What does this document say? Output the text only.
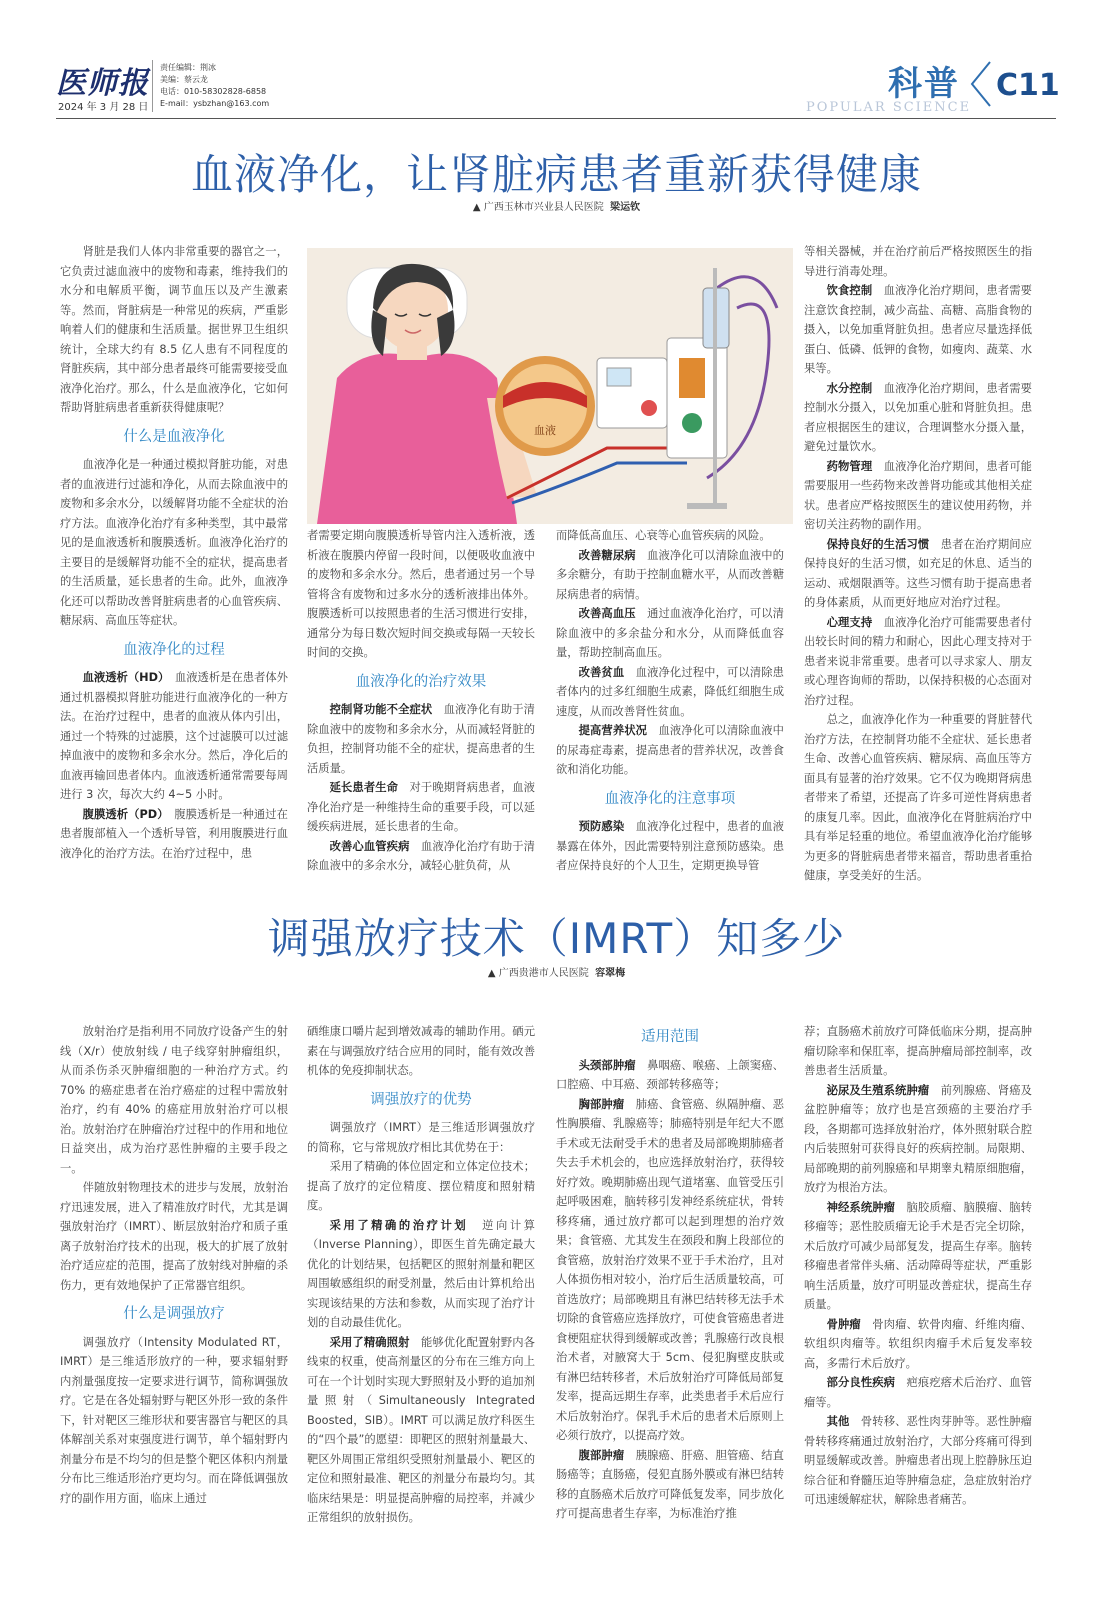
医师报
2024 年 3 月 28 日
责任编辑：荆冰
美编：蔡云龙
电话：010-58302828-6858
E-mail：ysbzhan@163.com	科普
POPULAR SCIENCE
C11
血液净化，让肾脏病患者重新获得健康
▲ 广西玉林市兴业县人民医院 梁运钦

肾脏是我们人体内非常重要的器官之一，它负责过滤血液中的废物和毒素，维持我们的水分和电解质平衡，调节血压以及产生激素等。然而，肾脏病是一种常见的疾病，严重影响着人们的健康和生活质量。据世界卫生组织统计，全球大约有 8.5 亿人患有不同程度的肾脏疾病，其中部分患者最终可能需要接受血液净化治疗。那么，什么是血液净化，它如何帮助肾脏病患者重新获得健康呢？

什么是血液净化

血液净化是一种通过模拟肾脏功能，对患者的血液进行过滤和净化，从而去除血液中的废物和多余水分，以缓解肾功能不全症状的治疗方法。血液净化治疗有多种类型，其中最常见的是血液透析和腹膜透析。血液净化治疗的主要目的是缓解肾功能不全的症状，提高患者的生活质量，延长患者的生命。此外，血液净化还可以帮助改善肾脏病患者的心血管疾病、糖尿病、高血压等症状。

血液净化的过程

血液透析（HD）　 血液透析是在患者体外通过机器模拟肾脏功能进行血液净化的一种方法。在治疗过程中，患者的血液从体内引出，通过一个特殊的过滤膜，这个过滤膜可以过滤掉血液中的废物和多余水分。然后，净化后的血液再输回患者体内。血液透析通常需要每周进行 3 次，每次大约 4~5 小时。

腹膜透析（PD）　 腹膜透析是一种通过在患者腹部植入一个透析导管，利用腹膜进行血液净化的治疗方法。在治疗过程中，患

血液

者需要定期向腹膜透析导管内注入透析液，透析液在腹膜内停留一段时间，以便吸收血液中的废物和多余水分。然后，患者通过另一个导管将含有废物和过多水分的透析液排出体外。腹膜透析可以按照患者的生活习惯进行安排，通常分为每日数次短时间交换或每隔一天较长时间的交换。

血液净化的治疗效果

控制肾功能不全症状　 血液净化有助于清除血液中的废物和多余水分，从而减轻肾脏的负担，控制肾功能不全的症状，提高患者的生活质量。

延长患者生命　 对于晚期肾病患者，血液净化治疗是一种维持生命的重要手段，可以延缓疾病进展，延长患者的生命。

改善心血管疾病　 血液净化治疗有助于清除血液中的多余水分，减轻心脏负荷，从

而降低高血压、心衰等心血管疾病的风险。

改善糖尿病　 血液净化可以清除血液中的多余糖分，有助于控制血糖水平，从而改善糖尿病患者的病情。

改善高血压　 通过血液净化治疗，可以清除血液中的多余盐分和水分，从而降低血容量，帮助控制高血压。

改善贫血　 血液净化过程中，可以清除患者体内的过多红细胞生成素，降低红细胞生成速度，从而改善肾性贫血。

提高营养状况　 血液净化可以清除血液中的尿毒症毒素，提高患者的营养状况，改善食欲和消化功能。

血液净化的注意事项

预防感染　 血液净化过程中，患者的血液暴露在体外，因此需要特别注意预防感染。患者应保持良好的个人卫生，定期更换导管

等相关器械，并在治疗前后严格按照医生的指导进行消毒处理。

饮食控制　 血液净化治疗期间，患者需要注意饮食控制，减少高盐、高糖、高脂食物的摄入，以免加重肾脏负担。患者应尽量选择低蛋白、低磷、低钾的食物，如瘦肉、蔬菜、水果等。

水分控制　 血液净化治疗期间，患者需要控制水分摄入，以免加重心脏和肾脏负担。患者应根据医生的建议，合理调整水分摄入量，避免过量饮水。

药物管理　 血液净化治疗期间，患者可能需要服用一些药物来改善肾功能或其他相关症状。患者应严格按照医生的建议使用药物，并密切关注药物的副作用。

保持良好的生活习惯　 患者在治疗期间应保持良好的生活习惯，如充足的休息、适当的运动、戒烟限酒等。这些习惯有助于提高患者的身体素质，从而更好地应对治疗过程。

心理支持　 血液净化治疗可能需要患者付出较长时间的精力和耐心，因此心理支持对于患者来说非常重要。患者可以寻求家人、朋友或心理咨询师的帮助，以保持积极的心态面对治疗过程。

总之，血液净化作为一种重要的肾脏替代治疗方法，在控制肾功能不全症状、延长患者生命、改善心血管疾病、糖尿病、高血压等方面具有显著的治疗效果。它不仅为晚期肾病患者带来了希望，还提高了许多可逆性肾病患者的康复几率。因此，血液净化在肾脏病治疗中具有举足轻重的地位。希望血液净化治疗能够为更多的肾脏病患者带来福音，帮助患者重拾健康，享受美好的生活。

调强放疗技术（IMRT）知多少
▲ 广西贵港市人民医院 容翠梅

放射治疗是指利用不同放疗设备产生的射线（X/r）使放射线 / 电子线穿射肿瘤组织，从而杀伤杀灭肿瘤细胞的一种治疗方式。约 70% 的癌症患者在治疗癌症的过程中需放射治疗，约有 40% 的癌症用放射治疗可以根治。放射治疗在肿瘤治疗过程中的作用和地位日益突出，成为治疗恶性肿瘤的主要手段之一。

伴随放射物理技术的进步与发展，放射治疗迅速发展，进入了精准放疗时代，尤其是调强放射治疗（IMRT）、断层放射治疗和质子重离子放射治疗技术的出现，极大的扩展了放射治疗适应症的范围，提高了放射线对肿瘤的杀伤力，更有效地保护了正常器官组织。

什么是调强放疗

调强放疗（Intensity Modulated RT，IMRT）是三维适形放疗的一种，要求辐射野内剂量强度按一定要求进行调节，简称调强放疗。它是在各处辐射野与靶区外形一致的条件下，针对靶区三维形状和要害器官与靶区的具体解剖关系对束强度进行调节，单个辐射野内剂量分布是不均匀的但是整个靶区体积内剂量分布比三维适形治疗更均匀。而在降低调强放疗的副作用方面，临床上通过

硒维康口嚼片起到增效减毒的辅助作用。硒元素在与调强放疗结合应用的同时，能有效改善机体的免疫抑制状态。

调强放疗的优势

调强放疗（IMRT）是三维适形调强放疗的简称，它与常规放疗相比其优势在于：

采用了精确的体位固定和立体定位技术；提高了放疗的定位精度、摆位精度和照射精度。

采用了精确的治疗计划　 逆向计算（Inverse Planning），即医生首先确定最大优化的计划结果，包括靶区的照射剂量和靶区周围敏感组织的耐受剂量，然后由计算机给出实现该结果的方法和参数，从而实现了治疗计划的自动最佳优化。

采用了精确照射　 能够优化配置射野内各线束的权重，使高剂量区的分布在三维方向上可在一个计划时实现大野照射及小野的追加剂量照射（Simultaneously Integrated Boosted，SIB）。IMRT 可以满足放疗科医生的“四个最”的愿望：即靶区的照射剂量最大、靶区外周围正常组织受照射剂量最小、靶区的定位和照射最准、靶区的剂量分布最均匀。其临床结果是：明显提高肿瘤的局控率，并减少正常组织的放射损伤。

适用范围

头颈部肿瘤　 鼻咽癌、喉癌、上颌窦癌、口腔癌、中耳癌、颈部转移癌等；

胸部肿瘤　 肺癌、食管癌、纵隔肿瘤、恶性胸膜瘤、乳腺癌等；肺癌特别是年纪大不愿手术或无法耐受手术的患者及局部晚期肺癌者失去手术机会的，也应选择放射治疗，获得较好疗效。晚期肺癌出现气道堵塞、血管受压引起呼吸困难，脑转移引发神经系统症状，骨转移疼痛，通过放疗都可以起到理想的治疗效果；食管癌、尤其发生在颈段和胸上段部位的食管癌，放射治疗效果不亚于手术治疗，且对人体损伤相对较小，治疗后生活质量较高，可首选放疗；局部晚期且有淋巴结转移无法手术切除的食管癌应选择放疗，可使食管癌患者进食梗阻症状得到缓解或改善；乳腺癌行改良根治术者，对腋窝大于 5cm、侵犯胸壁皮肤或有淋巴结转移者，术后放射治疗可降低局部复发率，提高远期生存率，此类患者手术后应行术后放射治疗。保乳手术后的患者术后原则上必须行放疗，以提高疗效。

腹部肿瘤　 胰腺癌、肝癌、胆管癌、结直肠癌等；直肠癌，侵犯直肠外膜或有淋巴结转移的直肠癌术后放疗可降低复发率，同步放化疗可提高患者生存率，为标准治疗推

荐；直肠癌术前放疗可降低临床分期，提高肿瘤切除率和保肛率，提高肿瘤局部控制率，改善患者生活质量。

泌尿及生殖系统肿瘤　 前列腺癌、肾癌及盆腔肿瘤等；放疗也是宫颈癌的主要治疗手段，各期都可选择放射治疗，体外照射联合腔内后装照射可获得良好的疾病控制。局限期、局部晚期的前列腺癌和早期睾丸精原细胞瘤，放疗为根治方法。

神经系统肿瘤　 脑胶质瘤、脑膜瘤、脑转移瘤等；恶性胶质瘤无论手术是否完全切除，术后放疗可减少局部复发，提高生存率。脑转移瘤患者常伴头痛、活动障碍等症状，严重影响生活质量，放疗可明显改善症状，提高生存质量。

骨肿瘤　 骨肉瘤、软骨肉瘤、纤维肉瘤、软组织肉瘤等。软组织肉瘤手术后复发率较高，多需行术后放疗。

部分良性疾病　 疤痕疙瘩术后治疗、血管瘤等。

其他　 骨转移、恶性肉芽肿等。恶性肿瘤骨转移疼痛通过放射治疗，大部分疼痛可得到明显缓解或改善。肿瘤患者出现上腔静脉压迫综合征和脊髓压迫等肿瘤急症，急症放射治疗可迅速缓解症状，解除患者痛苦。
